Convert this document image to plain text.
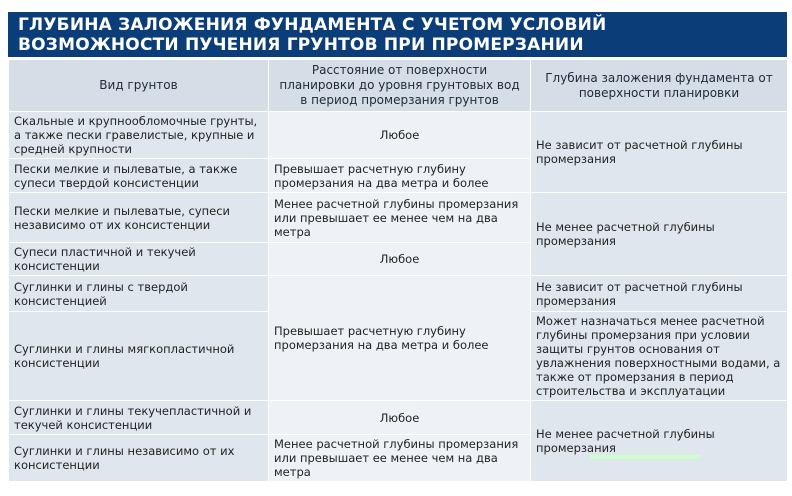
ГЛУБИНА ЗАЛОЖЕНИЯ ФУНДАМЕНТА С УЧЕТОМ УСЛОВИЙ
ВОЗМОЖНОСТИ ПУЧЕНИЯ ГРУНТОВ ПРИ ПРОМЕРЗАНИИ
Вид грунтов	Расстояние от поверхности планировки до уровня грунтовых вод в период промерзания грунтов	Глубина заложения фундамента от поверхности планировки
Скальные и крупнообломочные грунты, а также пески гравелистые, крупные и средней крупности	Любое	Не зависит от расчетной глубины промерзания
Пески мелкие и пылеватые, а также супеси твердой консистенции	Превышает расчетную глубину промерзания на два метра и более	
Пески мелкие и пылеватые, супеси независимо от их консистенции	Менее расчетной глубины промерзания или превышает ее менее чем на два метра	Не менее расчетной глубины промерзания
Супеси пластичной и текучей консистенции	Любое	
Суглинки и глины с твердой консистенцией	Превышает расчетную глубину промерзания на два метра и более	Не зависит от расчетной глубины промерзания
Суглинки и глины мягкопластичной консистенции		Может назначаться менее расчетной глубины промерзания при условии защиты грунтов основания от увлажнения поверхностными водами, а также от промерзания в период строительства и эксплуатации
Суглинки и глины текучепластичной и текучей консистенции	Любое	Не менее расчетной глубины промерзания
Суглинки и глины независимо от их консистенции	Менее расчетной глубины промерзания или превышает ее менее чем на два метра	
